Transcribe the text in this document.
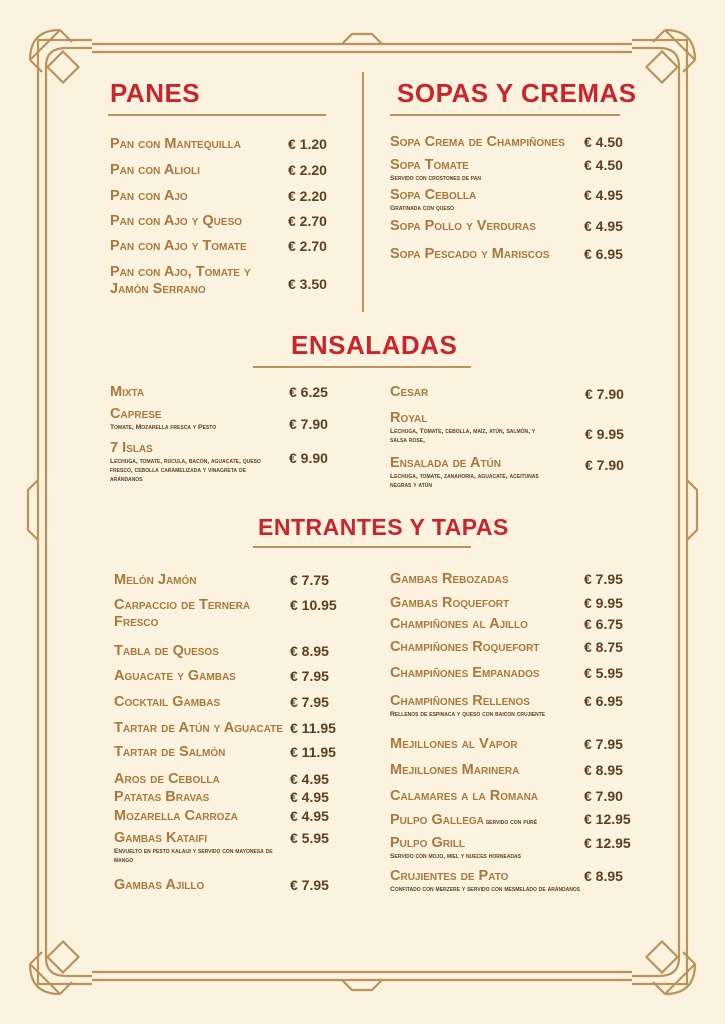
PANES	SOPAS Y CREMAS
ENSALADAS
ENTRANTES Y TAPAS
Pan con Mantequilla	€ 1.20
Pan con Alioli	€ 2.20
Pan con Ajo	€ 2.20
Pan con Ajo y Queso	€ 2.70
Pan con Ajo y Tomate	€ 2.70
Pan con Ajo, Tomate y Jamón Serrano	€ 3.50
Sopa Crema de Champiñones	€ 4.50
Sopa Tomate
Servido con crostones de pan
€ 4.50
Sopa Cebolla
Gratinada con queso
€ 4.95
Sopa Pollo y Verduras	€ 4.95
Sopa Pescado y Mariscos	€ 6.95
Mixta	€ 6.25
Caprese
Tomate, Mozarella fresca y Pesto	€ 7.90
7 Islas
Lechuga, tomate, rucula, bacon, aguacate, queso fresco, cebolla caramelizada y vinagreta de arándanos
€ 9.90
Cesar	€ 7.90
Royal
Lechuga, Tomate, cebolla, maíz, atún, salmón, y salsa rose,	€ 9.95
Ensalada de Atún
Lechuga, tomate, zanahoria, aguacate, aceitunas negras y atún
€ 7.90
Melón Jamón	€ 7.75
Carpaccio de Ternera Fresco
€ 10.95
Tabla de Quesos	€ 8.95
Aguacate y Gambas	€ 7.95
Cocktail Gambas	€ 7.95
Tartar de Atún y Aguacate € 11.95
Tartar de Salmón	€ 11.95
Aros de Cebolla	€ 4.95
Patatas Bravas	€ 4.95
Mozarella Carroza	€ 4.95
Gambas Kataifi
Envuelto en pesto kalaiji y servido con mayonesa de mango
€ 5.95
Gambas Ajillo	€ 7.95
Gambas Rebozadas	€ 7.95
Gambas Roquefort	€ 9.95
Champiñones al Ajillo	€ 6.75
Champiñones Roquefort	€ 8.75
Champiñones Empanados	€ 5.95
Champiñones Rellenos
Rellenos de espinaca y queso con baicon crujiente
€ 6.95
Mejillones al Vapor	€ 7.95
Mejillones Marinera	€ 8.95
Calamares a la Romana	€ 7.90
Pulpo Gallega servido con puré	€ 12.95
Pulpo Grill
Servido con mojo, miel y nueces horneadas
€ 12.95
Crujientes de Pato
Confitado con merzere y servido con mesmelado de arándanos
€ 8.95
